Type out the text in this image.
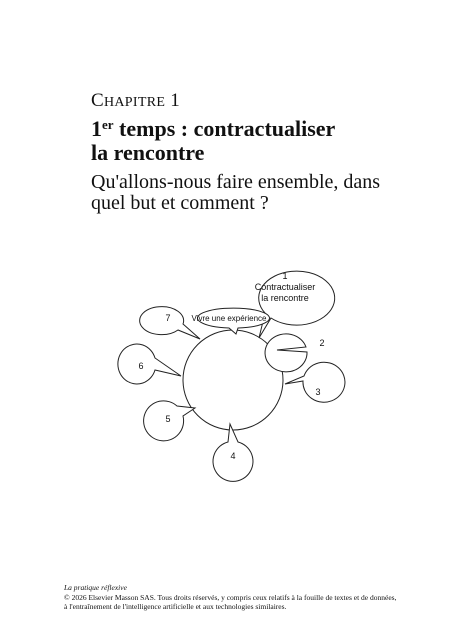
CHAPITRE 1
1er temps : contractualiser
la rencontre
Qu'allons-nous faire ensemble, dans
quel but et comment ?
1
Contractualiser
la rencontre
2
3
4
5
6
7	Vivre une expérience
La pratique réflexive
© 2026 Elsevier Masson SAS. Tous droits réservés, y compris ceux relatifs à la fouille de textes et de données,
à l'entraînement de l'intelligence artificielle et aux technologies similaires.
